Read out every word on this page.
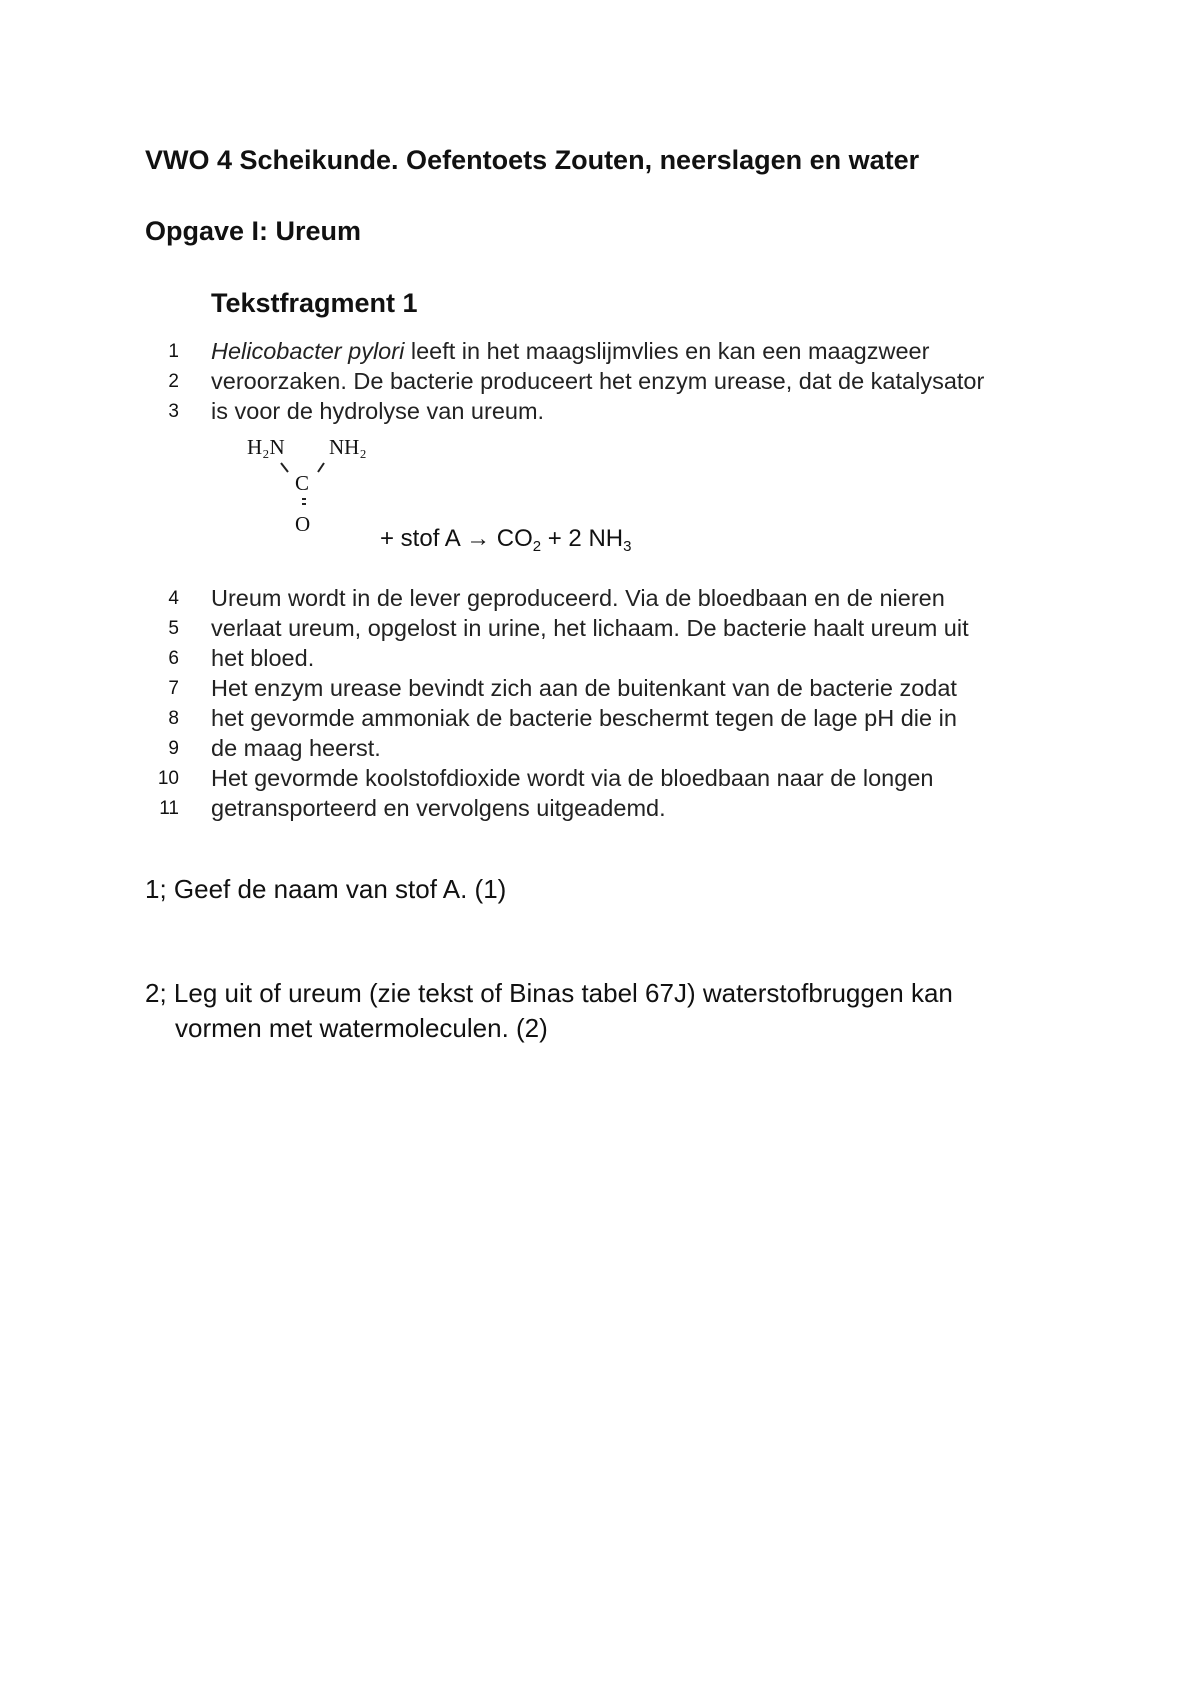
VWO 4 Scheikunde. Oefentoets Zouten, neerslagen en water
Opgave I: Ureum
Tekstfragment 1
1 Helicobacter pylori leeft in het maagslijmvlies en kan een maagzweer
2 veroorzaken. De bacterie produceert het enzym urease, dat de katalysator
3 is voor de hydrolyse van ureum.
H₂N NH₂
C
O
+ stof $A \to CO_2 + 2$ $NH_3$
4 Ureum wordt in de lever geproduceerd. Via de bloedbaan en de nieren
5 verlaat ureum, opgelost in urine, het lichaam. De bacterie haalt ureum uit
6 het bloed.
7 Het enzym urease bevindt zich aan de buitenkant van de bacterie zodat
8 het gevormde ammoniak de bacterie beschermt tegen de lage pH die in
9 de maag heerst.
10 Het gevormde koolstofdioxide wordt via de bloedbaan naar de longen
11 getransporteerd en vervolgens uitgeademd.
1; Geef de naam van stof A. (1)
2; Leg uit of ureum (zie tekst of Binas tabel 67J) waterstofbruggen kan
vormen met watermoleculen. (2)
